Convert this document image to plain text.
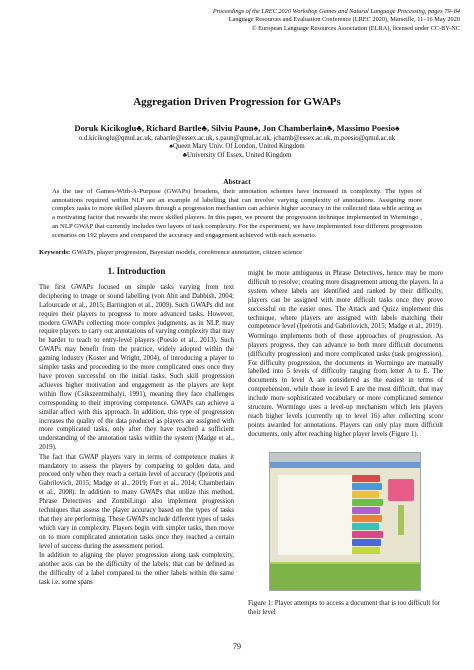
Proceedings of the LREC 2020 Workshop Games and Natural Language Processing, pages 79–84
Language Resources and Evaluation Conference (LREC 2020), Marseille, 11–16 May 2020
© European Language Resources Association (ELRA), licensed under CC-BY-NC
Aggregation Driven Progression for GWAPs
Doruk Kicikoglu♣, Richard Bartle♣, Silviu Paun♠, Jon Chamberlain♣, Massimo Poesio♠
o.d.kicikoglu@qmul.ac.uk, rabartle@essex.ac.uk, s.paun@qmul.ac.uk, jchamb@essex.ac.uk, m.poesio@qmul.ac.uk
♠Queen Mary Univ. Of London, United Kingdom
♣University Of Essex, United Kingdom
Abstract
As the use of Games-With-A-Purpose (GWAPs) broadens, their annotation schemes have increased in complexity. The types of annotations required within NLP are an example of labelling that can involve varying complexity of annotations. Assigning more complex tasks to more skilled players through a progression mechanism can achieve higher accuracy in the collected data while acting as a motivating factor that rewards the more skilled players. In this paper, we present the progression technique implemented in Wormingo , an NLP GWAP that currently includes two layers of task complexity. For the experiment, we have implemented four different progression scenarios on 192 players and compared the accuracy and engagement achieved with each scenario.
Keywords: GWAPs, player progression, Bayesian models, coreference annotation, citizen science
1. Introduction

The first GWAPs focused on simple tasks varying from text deciphering to image or sound labelling (von Ahn and Dabbish, 2004; Lafourcade et al., 2015; Barrington et al., 2009). Such GWAPs did not require their players to progress to more advanced tasks. However, modern GWAPs collecting more complex judgments, as in NLP, may require players to carry out annotations of varying complexity that may be harder to teach to entry-level players (Poesio et al., 2013). Such GWAPs may benefit from the practice, widely adopted within the gaming industry (Koster and Wright, 2004), of introducing a player to simpler tasks and proceeding to the more complicated ones once they have proven successful on the initial tasks. Such skill progression achieves higher motivation and engagement as the players are kept within flow (Csikszentmihalyi, 1991), meaning they face challenges corresponding to their improving competence. GWAPs can achieve a similar affect with this approach. In addition, this type of progression increases the quality of the data produced as players are assigned with more complicated tasks, only after they have reached a sufficient understanding of the annotation tasks within the system (Madge et al., 2019).

The fact that GWAP players vary in terms of competence makes it mandatory to assess the players by comparing to golden data, and proceed only when they reach a certain level of accuracy (Ipeirotis and Gabrilovich, 2015; Madge et al., 2019; Fort et al., 2014; Chamberlain et al., 2008). In addition to many GWAPs that utilize this method, Phrase Detectives and ZombiLingo also implement progression techniques that assess the player accuracy based on the types of tasks that they are performing. These GWAPs include different types of tasks which vary in complexity. Players begin with simpler tasks, then move on to more complicated annotation tasks once they reached a certain level of success during the assessment period.

In addition to aligning the player progression along task complexity, another axis can be the difficulty of the labels; that can be defined as the difficulty of a label compared to the other labels within the same task i.e. some spans

might be more ambiguous in Phrase Detectives, hence may be more difficult to resolve; creating more disagreement among the players. In a system where labels are identified and ranked by their difficulty, players can be assigned with more difficult tasks once they prove successful on the easier ones. The Attack and Quizz implement this technique, where players are assigned with labels matching their competence level (Ipeirotis and Gabrilovich, 2015; Madge et al., 2019).

Wormingo implements both of these approaches of progression. As players progress, they can advance to both more difficult documents (difficulty progression) and more complicated tasks (task progression). For difficulty progression, the documents in Wormingo are manually labelled into 5 levels of difficulty ranging from letter A to E. The documents in level A are considered as the easiest in terms of comprehension, while those in level E are the most difficult, that may include more sophisticated vocabulary or more complicated sentence structure. Wormingo uses a level-up mechanism which lets players reach higher levels (currently up to level 16) after collecting score points awarded for annotations. Players can only play more difficult documents, only after reaching higher player levels (Figure 1).

Figure 1: Player attempts to access a document that is too difficult for their level
79
